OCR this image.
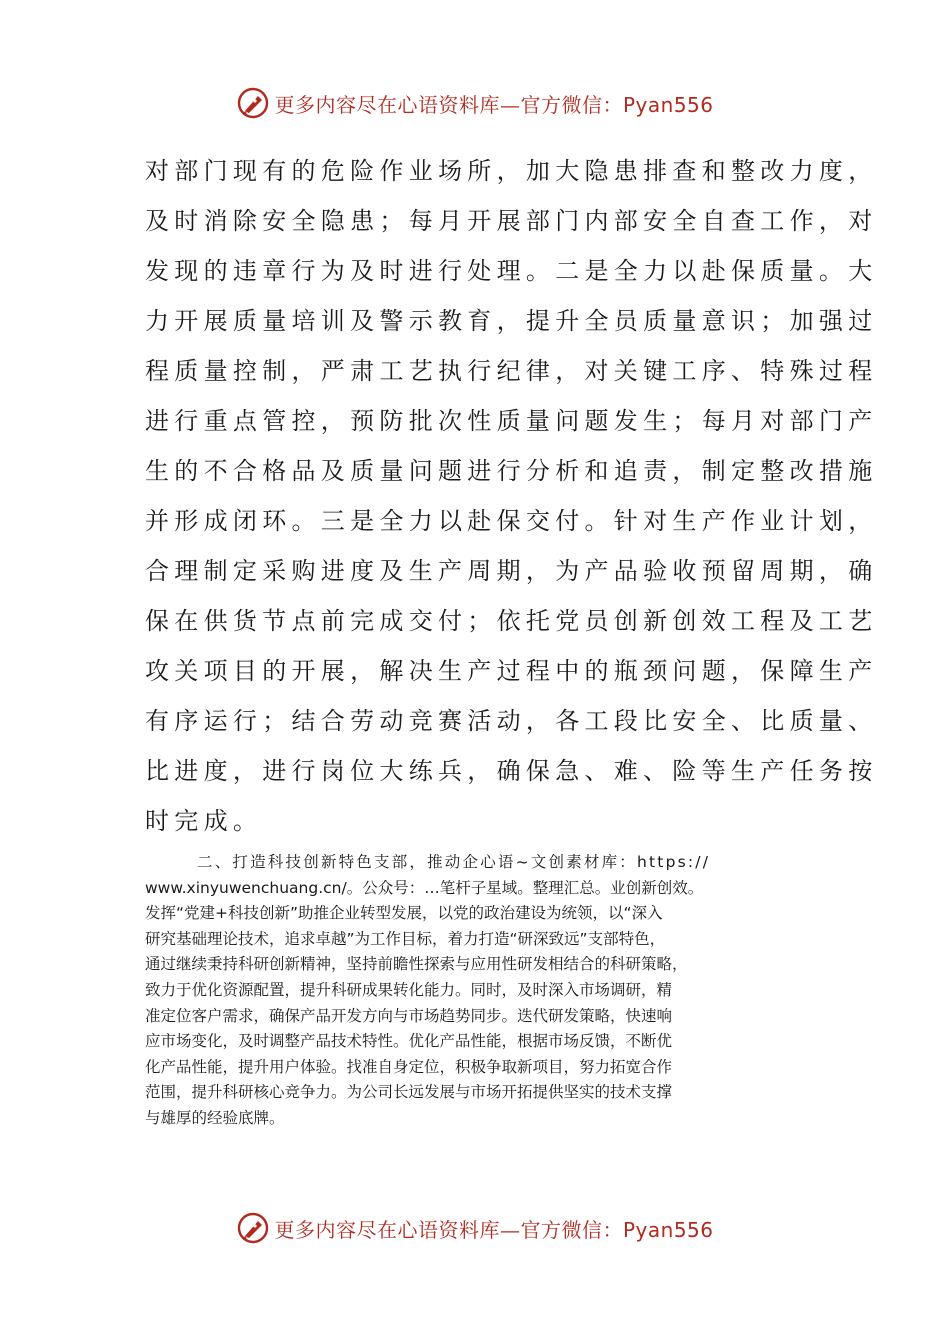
更多内容尽在心语资料库—官方微信：Pyan556
对部门现有的危险作业场所，加大隐患排查和整改力度，
及时消除安全隐患；每月开展部门内部安全自查工作，对
发现的违章行为及时进行处理。二是全力以赴保质量。大
力开展质量培训及警示教育，提升全员质量意识；加强过
程质量控制，严肃工艺执行纪律，对关键工序、特殊过程
进行重点管控，预防批次性质量问题发生；每月对部门产
生的不合格品及质量问题进行分析和追责，制定整改措施
并形成闭环。三是全力以赴保交付。针对生产作业计划，
合理制定采购进度及生产周期，为产品验收预留周期，确
保在供货节点前完成交付；依托党员创新创效工程及工艺
攻关项目的开展，解决生产过程中的瓶颈问题，保障生产
有序运行；结合劳动竞赛活动，各工段比安全、比质量、
比进度，进行岗位大练兵，确保急、难、险等生产任务按
时完成。
二、打造科技创新特色支部，推动企心语~文创素材库：https://
www.xinyuwenchuang.cn/。公众号：…笔杆子星域。整理汇总。业创新创效。
发挥“党建+科技创新”助推企业转型发展，以党的政治建设为统领，以“深入
研究基础理论技术，追求卓越”为工作目标，着力打造“研深致远”支部特色，
通过继续秉持科研创新精神，坚持前瞻性探索与应用性研发相结合的科研策略，
致力于优化资源配置，提升科研成果转化能力。同时，及时深入市场调研，精
准定位客户需求，确保产品开发方向与市场趋势同步。迭代研发策略，快速响
应市场变化，及时调整产品技术特性。优化产品性能，根据市场反馈，不断优
化产品性能，提升用户体验。找准自身定位，积极争取新项目，努力拓宽合作
范围，提升科研核心竞争力。为公司长远发展与市场开拓提供坚实的技术支撑
与雄厚的经验底牌。
更多内容尽在心语资料库—官方微信：Pyan556
